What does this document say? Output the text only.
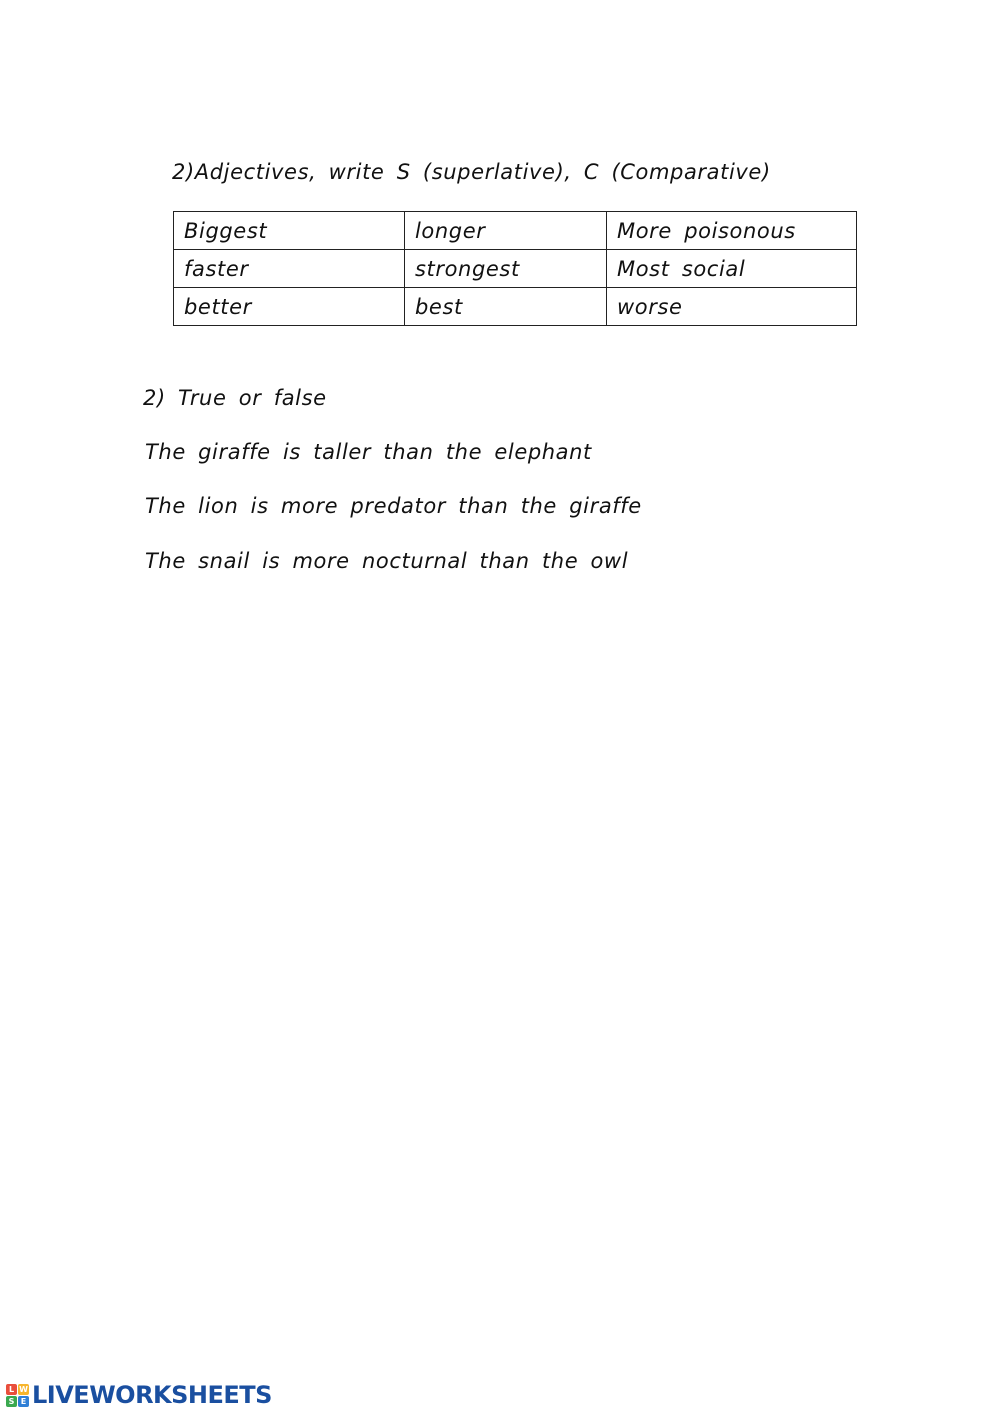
2)Adjectives, write S (superlative), C (Comparative)
Biggest	longer	More poisonous
faster	strongest	Most social
better	best	worse
2) True or false

The giraffe is taller than the elephant

The lion is more predator than the giraffe

The snail is more nocturnal than the owl

L W
S E LIVEWORKSHEETS
